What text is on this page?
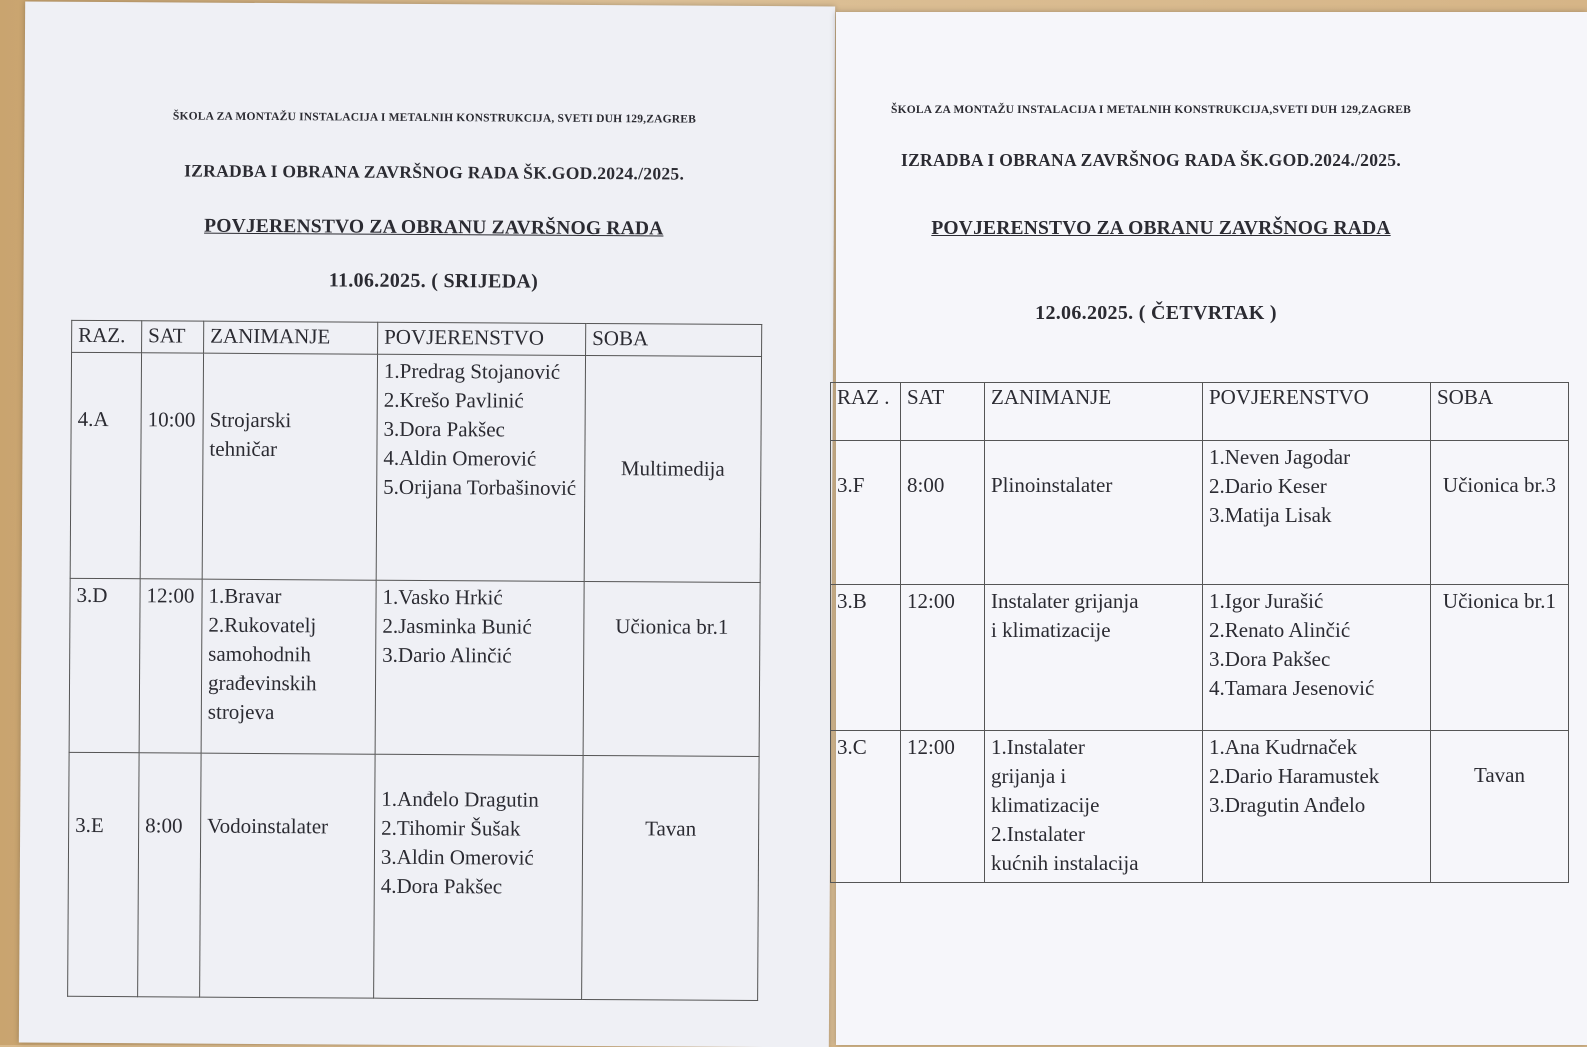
ŠKOLA ZA MONTAŽU INSTALACIJA I METALNIH KONSTRUKCIJA, SVETI DUH 129,ZAGREB
IZRADBA I OBRANA ZAVRŠNOG RADA ŠK.GOD.2024./2025.
POVJERENSTVO ZA OBRANU ZAVRŠNOG RADA
11.06.2025. ( SRIJEDA)
RAZ.	SAT	ZANIMANJE	POVJERENSTVO	SOBA
4.A	10:00	Strojarski
tehničar	1.Predrag Stojanović
2.Krešo Pavlinić
3.Dora Pakšec
4.Aldin Omerović
5.Orijana Torbašinović	Multimedija
3.D	12:00	1.Bravar
2.Rukovatelj
samohodnih
građevinskih
strojeva	1.Vasko Hrkić
2.Jasminka Bunić
3.Dario Alinčić	Učionica br.1
3.E	8:00	Vodoinstalater	1.Anđelo Dragutin
2.Tihomir Šušak
3.Aldin Omerović
4.Dora Pakšec	Tavan
ŠKOLA ZA MONTAŽU INSTALACIJA I METALNIH KONSTRUKCIJA,SVETI DUH 129,ZAGREB
IZRADBA I OBRANA ZAVRŠNOG RADA ŠK.GOD.2024./2025.
POVJERENSTVO ZA OBRANU ZAVRŠNOG RADA
12.06.2025. ( ČETVRTAK )
RAZ .	SAT	ZANIMANJE	POVJERENSTVO	SOBA
3.F	8:00	Plinoinstalater	1.Neven Jagodar
2.Dario Keser
3.Matija Lisak	Učionica br.3
3.B	12:00	Instalater grijanja
i klimatizacije	1.Igor Jurašić
2.Renato Alinčić
3.Dora Pakšec
4.Tamara Jesenović	Učionica br.1
3.C	12:00	1.Instalater
grijanja i
klimatizacije
2.Instalater
kućnih instalacija	1.Ana Kudrnaček
2.Dario Haramustek
3.Dragutin Anđelo	Tavan
